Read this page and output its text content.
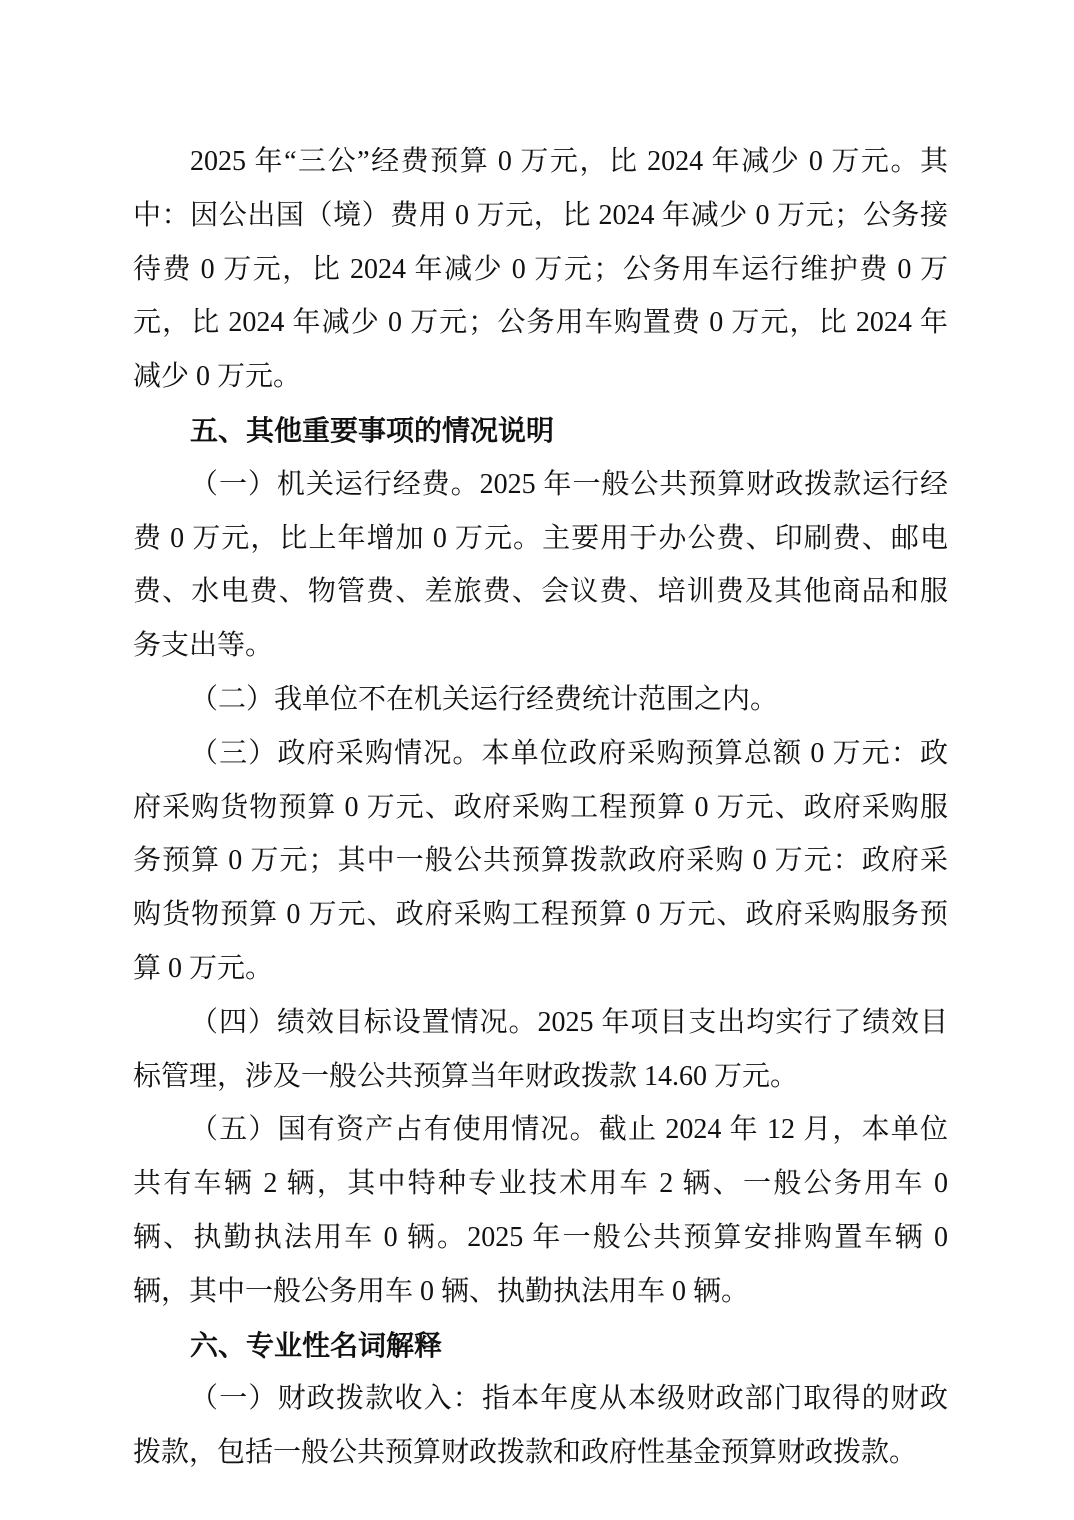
2025 年“三公”经费预算 0 万元，比 2024 年减少 0 万元。其
中：因公出国（境）费用 0 万元，比 2024 年减少 0 万元；公务接
待费 0 万元，比 2024 年减少 0 万元；公务用车运行维护费 0 万
元，比 2024 年减少 0 万元；公务用车购置费 0 万元，比 2024 年
减少 0 万元。
五、其他重要事项的情况说明
（一）机关运行经费。2025 年一般公共预算财政拨款运行经
费 0 万元，比上年增加 0 万元。主要用于办公费、印刷费、邮电
费、水电费、物管费、差旅费、会议费、培训费及其他商品和服
务支出等。
（二）我单位不在机关运行经费统计范围之内。
（三）政府采购情况。本单位政府采购预算总额 0 万元：政
府采购货物预算 0 万元、政府采购工程预算 0 万元、政府采购服
务预算 0 万元；其中一般公共预算拨款政府采购 0 万元：政府采
购货物预算 0 万元、政府采购工程预算 0 万元、政府采购服务预
算 0 万元。
（四）绩效目标设置情况。2025 年项目支出均实行了绩效目
标管理，涉及一般公共预算当年财政拨款 14.60 万元。
（五）国有资产占有使用情况。截止 2024 年 12 月，本单位
共有车辆 2 辆，其中特种专业技术用车 2 辆、一般公务用车 0
辆、执勤执法用车 0 辆。2025 年一般公共预算安排购置车辆 0
辆，其中一般公务用车 0 辆、执勤执法用车 0 辆。
六、专业性名词解释
（一）财政拨款收入：指本年度从本级财政部门取得的财政
拨款，包括一般公共预算财政拨款和政府性基金预算财政拨款。
